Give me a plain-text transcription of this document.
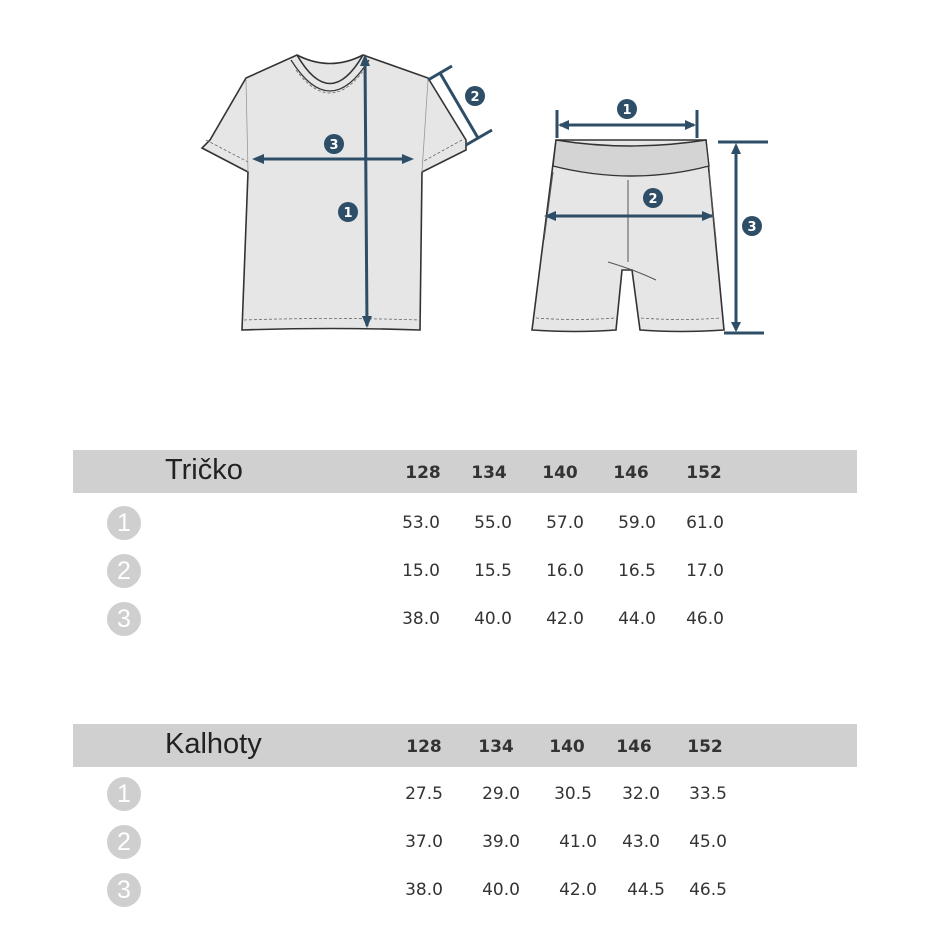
1
2
3
1
2
3
Tričko	128	134	140	146	152
1	53.0	55.0	57.0	59.0	61.0
2	15.0	15.5	16.0	16.5	17.0
3	38.0	40.0	42.0	44.0	46.0
Kalhoty	128	134	140	146	152
1	27.5	29.0	30.5	32.0	33.5
2	37.0	39.0	41.0	43.0	45.0
3	38.0	40.0	42.0	44.5	46.5
